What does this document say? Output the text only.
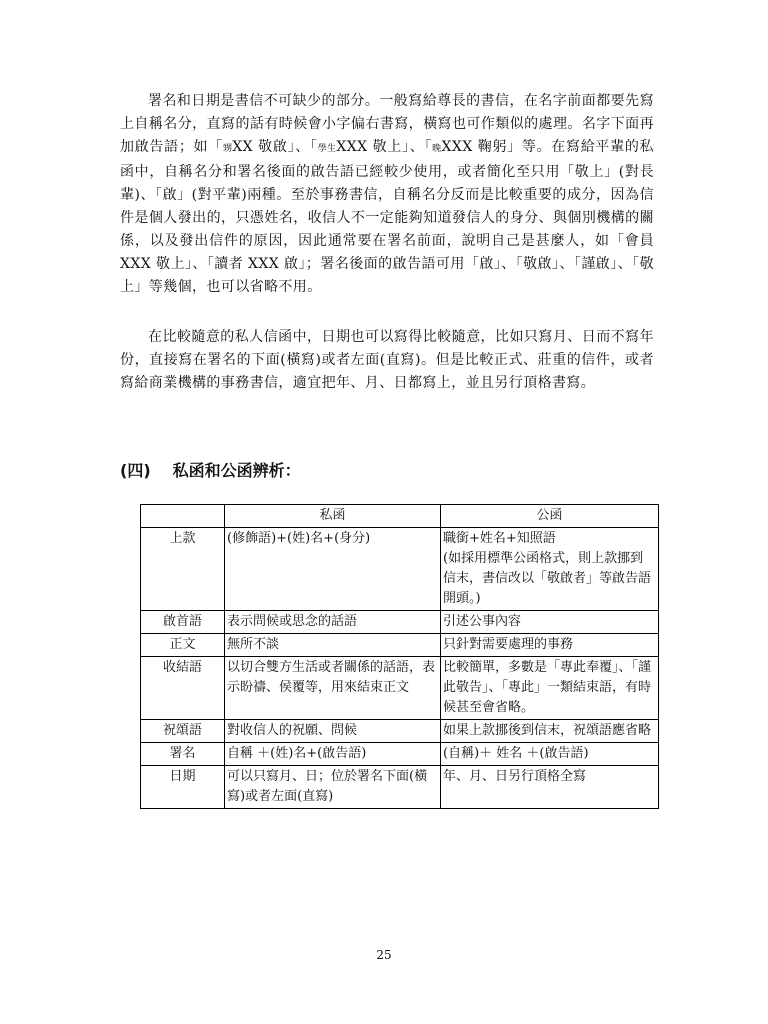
署名和日期是書信不可缺少的部分。一般寫給尊長的書信，在名字前面都要先寫上自稱名分，直寫的話有時候會小字偏右書寫，橫寫也可作類似的處理。名字下面再加啟告語；如「甥XX 敬啟」、「學生XXX 敬上」、「晚XXX 鞠躬」等。在寫給平輩的私函中，自稱名分和署名後面的啟告語已經較少使用，或者簡化至只用「敬上」(對長輩)、「啟」(對平輩)兩種。至於事務書信，自稱名分反而是比較重要的成分，因為信件是個人發出的，只憑姓名，收信人不一定能夠知道發信人的身分、與個別機構的關係，以及發出信件的原因，因此通常要在署名前面，說明自己是甚麼人，如「會員 XXX 敬上」、「讀者 XXX 啟」；署名後面的啟告語可用「啟」、「敬啟」、「謹啟」、「敬上」等幾個，也可以省略不用。

在比較隨意的私人信函中，日期也可以寫得比較隨意，比如只寫月、日而不寫年份，直接寫在署名的下面(橫寫)或者左面(直寫)。但是比較正式、莊重的信件，或者寫給商業機構的事務書信，適宜把年、月、日都寫上，並且另行頂格書寫。

(四) 私函和公函辨析：
	私函	公函
上款	(修飾語)+(姓)名+(身分)	職銜+姓名+知照語
(如採用標準公函格式，則上款挪到信末，書信改以「敬啟者」等啟告語開頭。)
啟首語	表示問候或思念的話語	引述公事內容
正文	無所不談	只針對需要處理的事務
收結語	以切合雙方生活或者關係的話語，表示盼禱、侯覆等，用來結束正文	比較簡單，多數是「專此奉覆」、「謹此敬告」、「專此」一類結束語，有時候甚至會省略。
祝頌語	對收信人的祝願、問候	如果上款挪後到信末，祝頌語應省略
署名	自稱 ＋(姓)名+(啟告語)	(自稱)＋ 姓名 ＋(啟告語)
日期	可以只寫月、日；位於署名下面(橫寫)或者左面(直寫)	年、月、日另行頂格全寫
25
